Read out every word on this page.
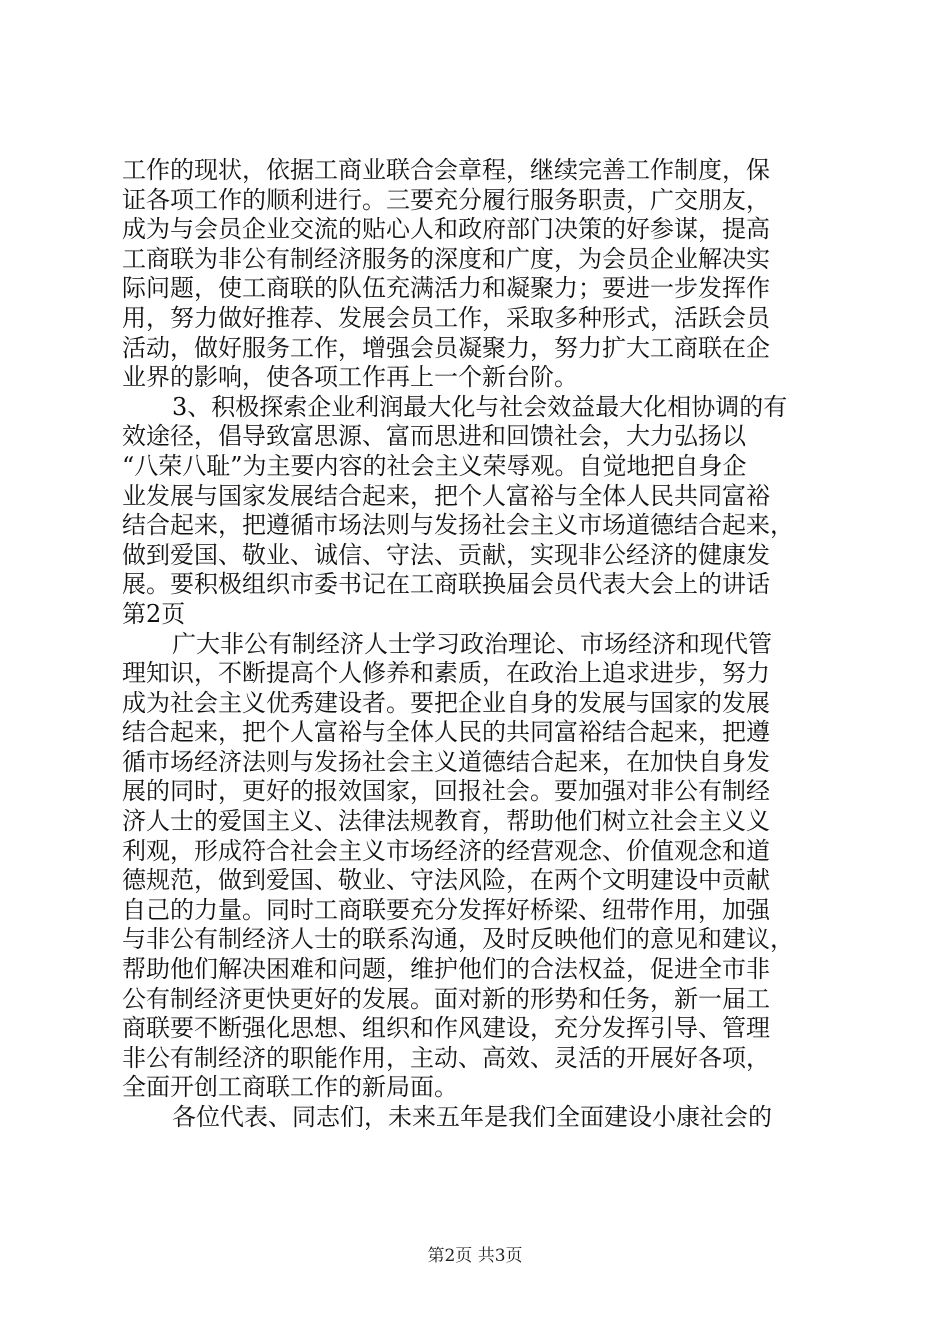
工作的现状，依据工商业联合会章程，继续完善工作制度，保
证各项工作的顺利进行。三要充分履行服务职责，广交朋友，
成为与会员企业交流的贴心人和政府部门决策的好参谋，提高
工商联为非公有制经济服务的深度和广度，为会员企业解决实
际问题，使工商联的队伍充满活力和凝聚力；要进一步发挥作
用，努力做好推荐、发展会员工作，采取多种形式，活跃会员
活动，做好服务工作，增强会员凝聚力，努力扩大工商联在企
业界的影响，使各项工作再上一个新台阶。
3、积极探索企业利润最大化与社会效益最大化相协调的有
效途径，倡导致富思源、富而思进和回馈社会，大力弘扬以
“八荣八耻”为主要内容的社会主义荣辱观。自觉地把自身企
业发展与国家发展结合起来，把个人富裕与全体人民共同富裕
结合起来，把遵循市场法则与发扬社会主义市场道德结合起来，
做到爱国、敬业、诚信、守法、贡献，实现非公经济的健康发
展。要积极组织市委书记在工商联换届会员代表大会上的讲话
第2页
广大非公有制经济人士学习政治理论、市场经济和现代管
理知识，不断提高个人修养和素质，在政治上追求进步，努力
成为社会主义优秀建设者。要把企业自身的发展与国家的发展
结合起来，把个人富裕与全体人民的共同富裕结合起来，把遵
循市场经济法则与发扬社会主义道德结合起来，在加快自身发
展的同时，更好的报效国家，回报社会。要加强对非公有制经
济人士的爱国主义、法律法规教育，帮助他们树立社会主义义
利观，形成符合社会主义市场经济的经营观念、价值观念和道
德规范，做到爱国、敬业、守法风险，在两个文明建设中贡献
自己的力量。同时工商联要充分发挥好桥梁、纽带作用，加强
与非公有制经济人士的联系沟通，及时反映他们的意见和建议，
帮助他们解决困难和问题，维护他们的合法权益，促进全市非
公有制经济更快更好的发展。面对新的形势和任务，新一届工
商联要不断强化思想、组织和作风建设，充分发挥引导、管理
非公有制经济的职能作用，主动、高效、灵活的开展好各项，
全面开创工商联工作的新局面。
各位代表、同志们，未来五年是我们全面建设小康社会的
第2页 共3页
